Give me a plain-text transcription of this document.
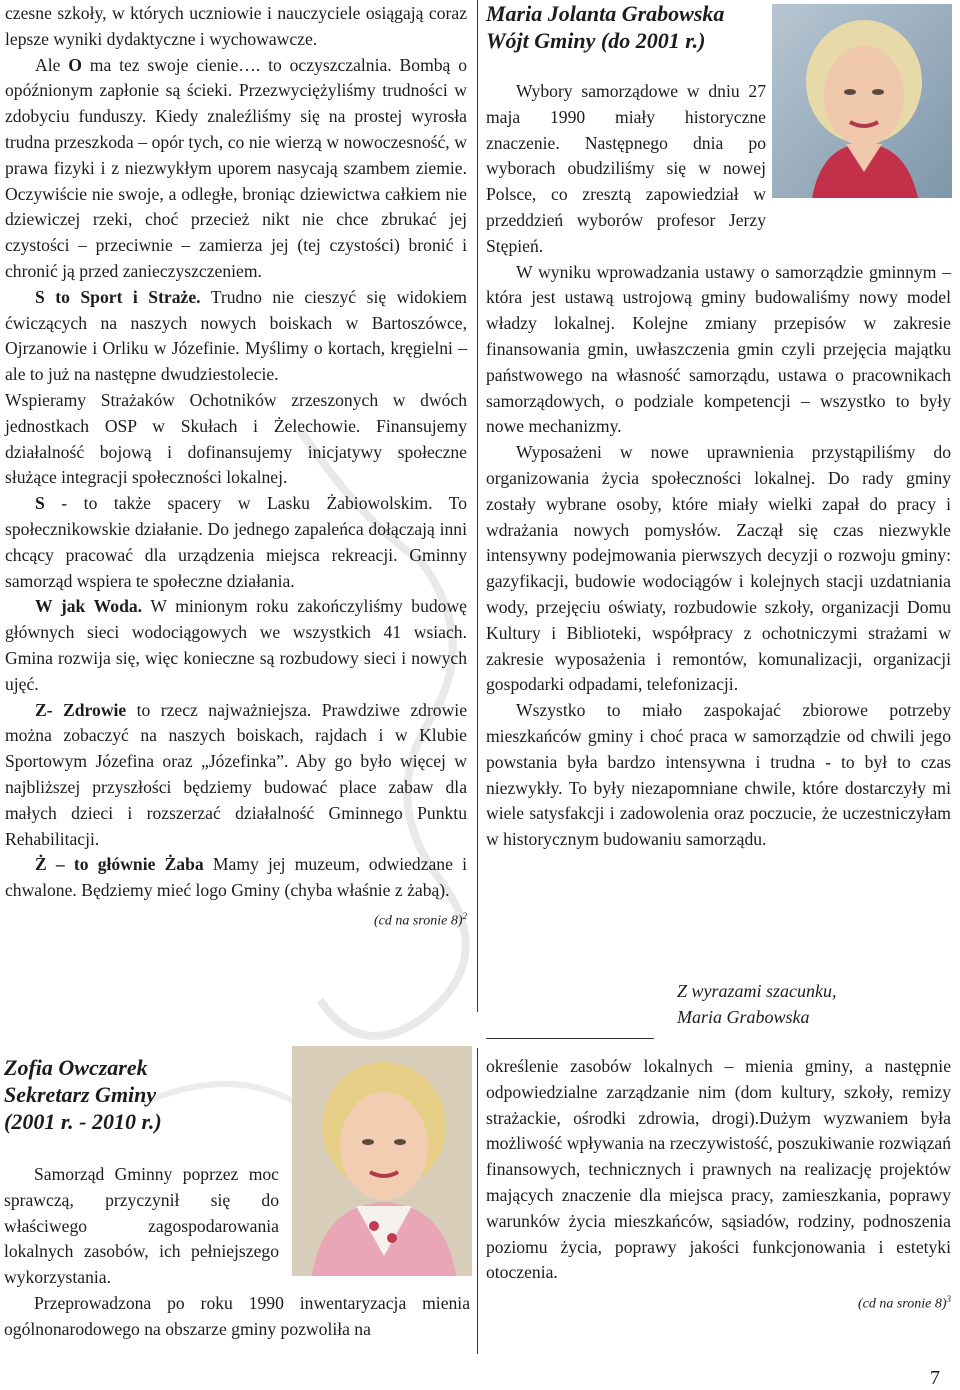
czesne szkoły, w których uczniowie i nauczyciele osiągają coraz lepsze wyniki dydaktyczne i wychowawcze.

Ale O ma tez swoje cienie…. to oczyszczalnia. Bombą o opóźnionym zapłonie są ścieki. Przezwyciężyliśmy trudności w zdobyciu funduszy. Kiedy znaleźliśmy się na prostej wyrosła trudna przeszkoda – opór tych, co nie wierzą w nowoczesność, w prawa fizyki i z niezwykłym uporem nasycają szambem ziemie. Oczywiście nie swoje, a odległe, broniąc dziewictwa całkiem nie dziewiczej rzeki, choć przecież nikt nie chce zbrukać jej czystości – przeciwnie – zamierza jej (tej czystości) bronić i chronić ją przed zanieczyszczeniem.

S to Sport i Straże. Trudno nie cieszyć się widokiem ćwiczących na naszych nowych boiskach w Bartoszówce, Ojrzanowie i Orliku w Józefinie. Myślimy o kortach, kręgielni – ale to już na następne dwudziestolecie.

Wspieramy Strażaków Ochotników zrzeszonych w dwóch jednostkach OSP w Skułach i Żelechowie. Finansujemy działalność bojową i dofinansujemy inicjatywy społeczne służące integracji społeczności lokalnej.

S - to także spacery w Lasku Żabiowolskim. To społecznikowskie działanie. Do jednego zapaleńca dołączają inni chcący pracować dla urządzenia miejsca rekreacji. Gminny samorząd wspiera te społeczne działania.

W jak Woda. W minionym roku zakończyliśmy budowę głównych sieci wodociągowych we wszystkich 41 wsiach. Gmina rozwija się, więc konieczne są rozbudowy sieci i nowych ujęć.

Z- Zdrowie to rzecz najważniejsza. Prawdziwe zdrowie można zobaczyć na naszych boiskach, rajdach i w Klubie Sportowym Józefina oraz „Józefinka”. Aby go było więcej w najbliższej przyszłości będziemy budować place zabaw dla małych dzieci i rozszerzać działalność Gminnego Punktu Rehabilitacji.

Ż – to głównie Żaba Mamy jej muzeum, odwiedzane i chwalone. Będziemy mieć logo Gminy (chyba właśnie z żabą).
(cd na sronie 8)$^2$

Maria Jolanta Grabowska
Wójt Gminy (do 2001 r.)

Wybory samorządowe w dniu 27 maja 1990 miały historyczne znaczenie. Następnego dnia po wyborach obudziliśmy się w nowej Polsce, co zresztą zapowiedział w przeddzień wyborów profesor Jerzy Stępień.

W wyniku wprowadzania ustawy o samorządzie gminnym – która jest ustawą ustrojową gminy budowaliśmy nowy model władzy lokalnej. Kolejne zmiany przepisów w zakresie finansowania gmin, uwłaszczenia gmin czyli przejęcia majątku państwowego na własność samorządu, ustawa o pracownikach samorządowych, o podziale kompetencji – wszystko to były nowe mechanizmy.

Wyposażeni w nowe uprawnienia przystąpiliśmy do organizowania życia społeczności lokalnej. Do rady gminy zostały wybrane osoby, które miały wielki zapał do pracy i wdrażania nowych pomysłów. Zaczął się czas niezwykle intensywny podejmowania pierwszych decyzji o rozwoju gminy: gazyfikacji, budowie wodociągów i kolejnych stacji uzdatniania wody, przejęciu oświaty, rozbudowie szkoły, organizacji Domu Kultury i Biblioteki, współpracy z ochotniczymi strażami w zakresie wyposażenia i remontów, komunalizacji, organizacji gospodarki odpadami, telefonizacji.

Wszystko to miało zaspokajać zbiorowe potrzeby mieszkańców gminy i choć praca w samorządzie od chwili jego powstania była bardzo intensywna i trudna - to był to czas niezwykły. To były niezapomniane chwile, które dostarczyły mi wiele satysfakcji i zadowolenia oraz poczucie, że uczestniczyłam w historycznym budowaniu samorządu.

Z wyrazami szacunku,
Maria Grabowska
Zofia Owczarek
Sekretarz Gminy
(2001 r. - 2010 r.)

Samorząd Gminny poprzez moc sprawczą, przyczynił się do właściwego zagospodarowania lokalnych zasobów, ich pełniejszego wykorzystania.

Przeprowadzona po roku 1990 inwentaryzacja mienia ogólnonarodowego na obszarze gminy pozwoliła na

określenie zasobów lokalnych – mienia gminy, a następnie odpowiedzialne zarządzanie nim (dom kultury, szkoły, remizy strażackie, ośrodki zdrowia, drogi).Dużym wyzwaniem była możliwość wpływania na rzeczywistość, poszukiwanie rozwiązań finansowych, technicznych i prawnych na realizację projektów mających znaczenie dla miejsca pracy, zamieszkania, poprawy warunków życia mieszkańców, sąsiadów, rodziny, podnoszenia poziomu życia, poprawy jakości funkcjonowania i estetyki otoczenia.

(cd na sronie 8)$^3$
7
